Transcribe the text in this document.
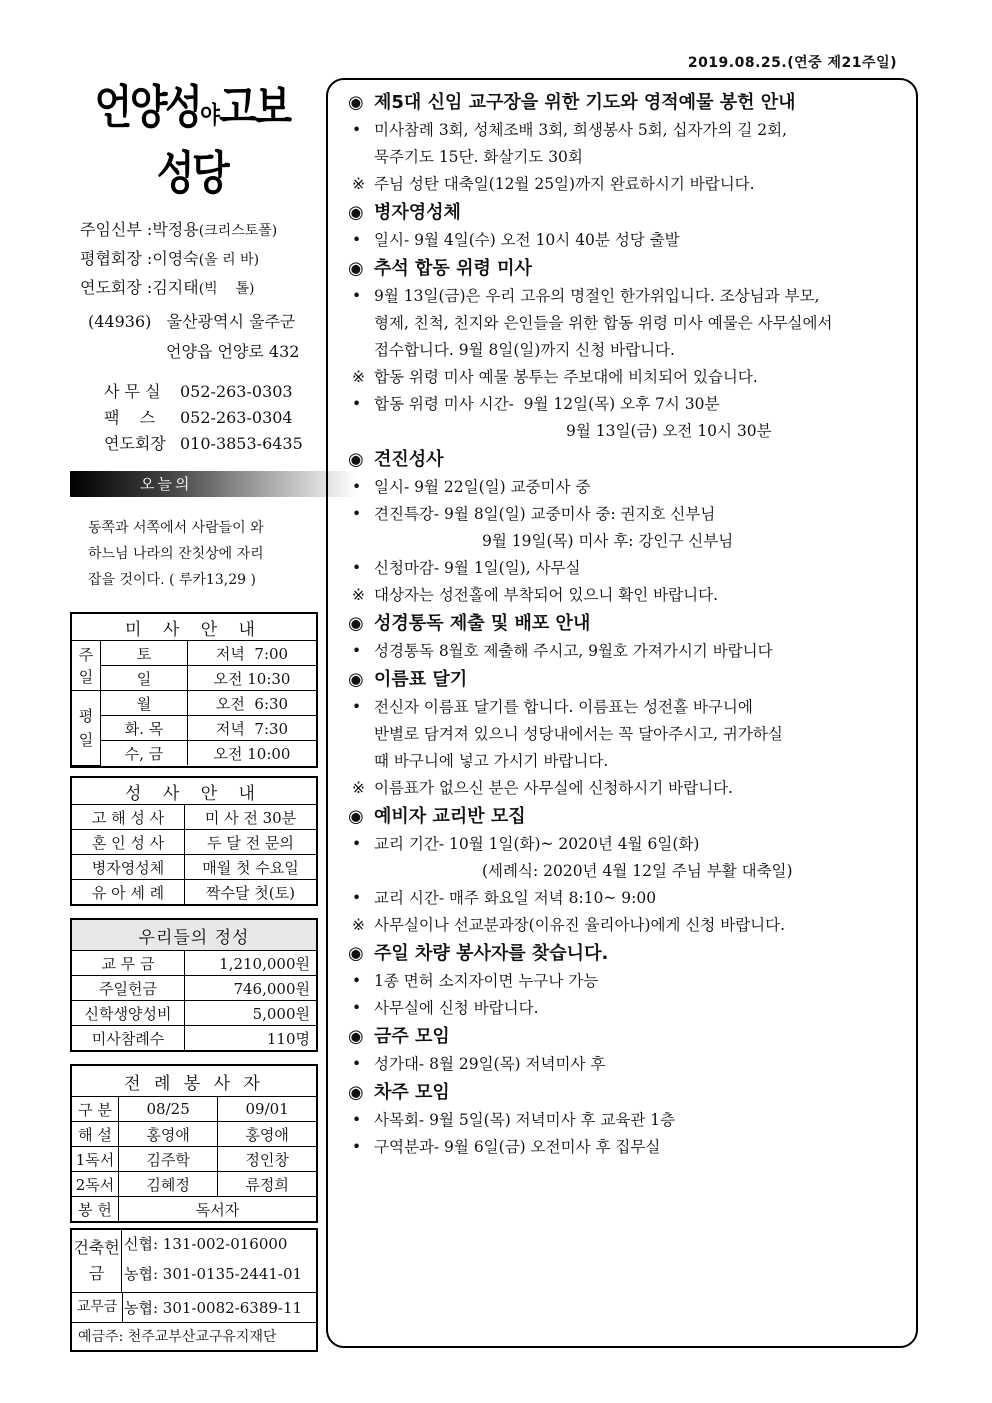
2019.08.25.(연중 제21주일)
언양성야고보
성당
주임신부 :박정용(크리스토폴)
평협회장 :이영숙(올 리 바)
연도회장 :김지태(빅    톨)
(44936)   울산광역시 울주군
언양읍 언양로 432
사 무 실 052-263-0303
팩    스 052-263-0304
연도회장 010-3853-6435
오늘의
동쪽과 서쪽에서 사람들이 와
하느님 나라의 잔칫상에 자리
잡을 것이다. ( 루카13,29 )
미 사 안 내		
주일	토	저녁  7:00
	일	오전 10:30
평일	월	오전  6:30
	화. 목	저녁  7:30
	수, 금	오전 10:00
성 사 안 내	
고 해 성 사	미 사 전 30분
혼 인 성 사	두 달 전 문의
병자영성체	매월 첫 수요일
유 아 세 례	짝수달 첫(토)
우리들의 정성	
교 무 금	1,210,000원
주일헌금	746,000원
신학생양성비	5,000원
미사참례수	110명
전 례 봉 사 자		
구 분	08/25	09/01
해 설	홍영애	홍영애
1독서	김주학	정인창
2독서	김혜정	류정희
봉 헌	독서자	
건축헌금
신협: 131-002-016000
농협: 301-0135-2441-01
교무금 농협: 301-0082-6389-11
예금주: 천주교부산교구유지재단
◉ 제5대 신임 교구장을 위한 기도와 영적예물 봉헌 안내
• 미사참례 3회, 성체조배 3회, 희생봉사 5회, 십자가의 길 2회,
묵주기도 15단. 화살기도 30회
※ 주님 성탄 대축일(12월 25일)까지 완료하시기 바랍니다.
◉ 병자영성체
• 일시- 9월 4일(수) 오전 10시 40분 성당 출발
◉ 추석 합동 위령 미사
• 9월 13일(금)은 우리 고유의 명절인 한가위입니다. 조상님과 부모,
형제, 친척, 친지와 은인들을 위한 합동 위령 미사 예물은 사무실에서
접수합니다. 9월 8일(일)까지 신청 바랍니다.
※ 합동 위령 미사 예물 봉투는 주보대에 비치되어 있습니다.
• 합동 위령 미사 시간-  9월 12일(목) 오후 7시 30분
9월 13일(금) 오전 10시 30분
◉ 견진성사
• 일시- 9월 22일(일) 교중미사 중
• 견진특강- 9월 8일(일) 교중미사 중: 권지호 신부님
9월 19일(목) 미사 후: 강인구 신부님
• 신청마감- 9월 1일(일), 사무실
※ 대상자는 성전홀에 부착되어 있으니 확인 바랍니다.
◉ 성경통독 제출 및 배포 안내
• 성경통독 8월호 제출해 주시고, 9월호 가져가시기 바랍니다
◉ 이름표 달기
• 전신자 이름표 달기를 합니다. 이름표는 성전홀 바구니에
반별로 담겨져 있으니 성당내에서는 꼭 달아주시고, 귀가하실
때 바구니에 넣고 가시기 바랍니다.
※ 이름표가 없으신 분은 사무실에 신청하시기 바랍니다.
◉ 예비자 교리반 모집
• 교리 기간- 10월 1일(화)~ 2020년 4월 6일(화)
(세례식: 2020년 4월 12일 주님 부활 대축일)
• 교리 시간- 매주 화요일 저녁 8:10~ 9:00
※ 사무실이나 선교분과장(이유진 율리아나)에게 신청 바랍니다.
◉ 주일 차량 봉사자를 찾습니다.
• 1종 면허 소지자이면 누구나 가능
• 사무실에 신청 바랍니다.
◉ 금주 모임
• 성가대- 8월 29일(목) 저녁미사 후
◉ 차주 모임
• 사목회- 9월 5일(목) 저녁미사 후 교육관 1층
• 구역분과- 9월 6일(금) 오전미사 후 집무실
